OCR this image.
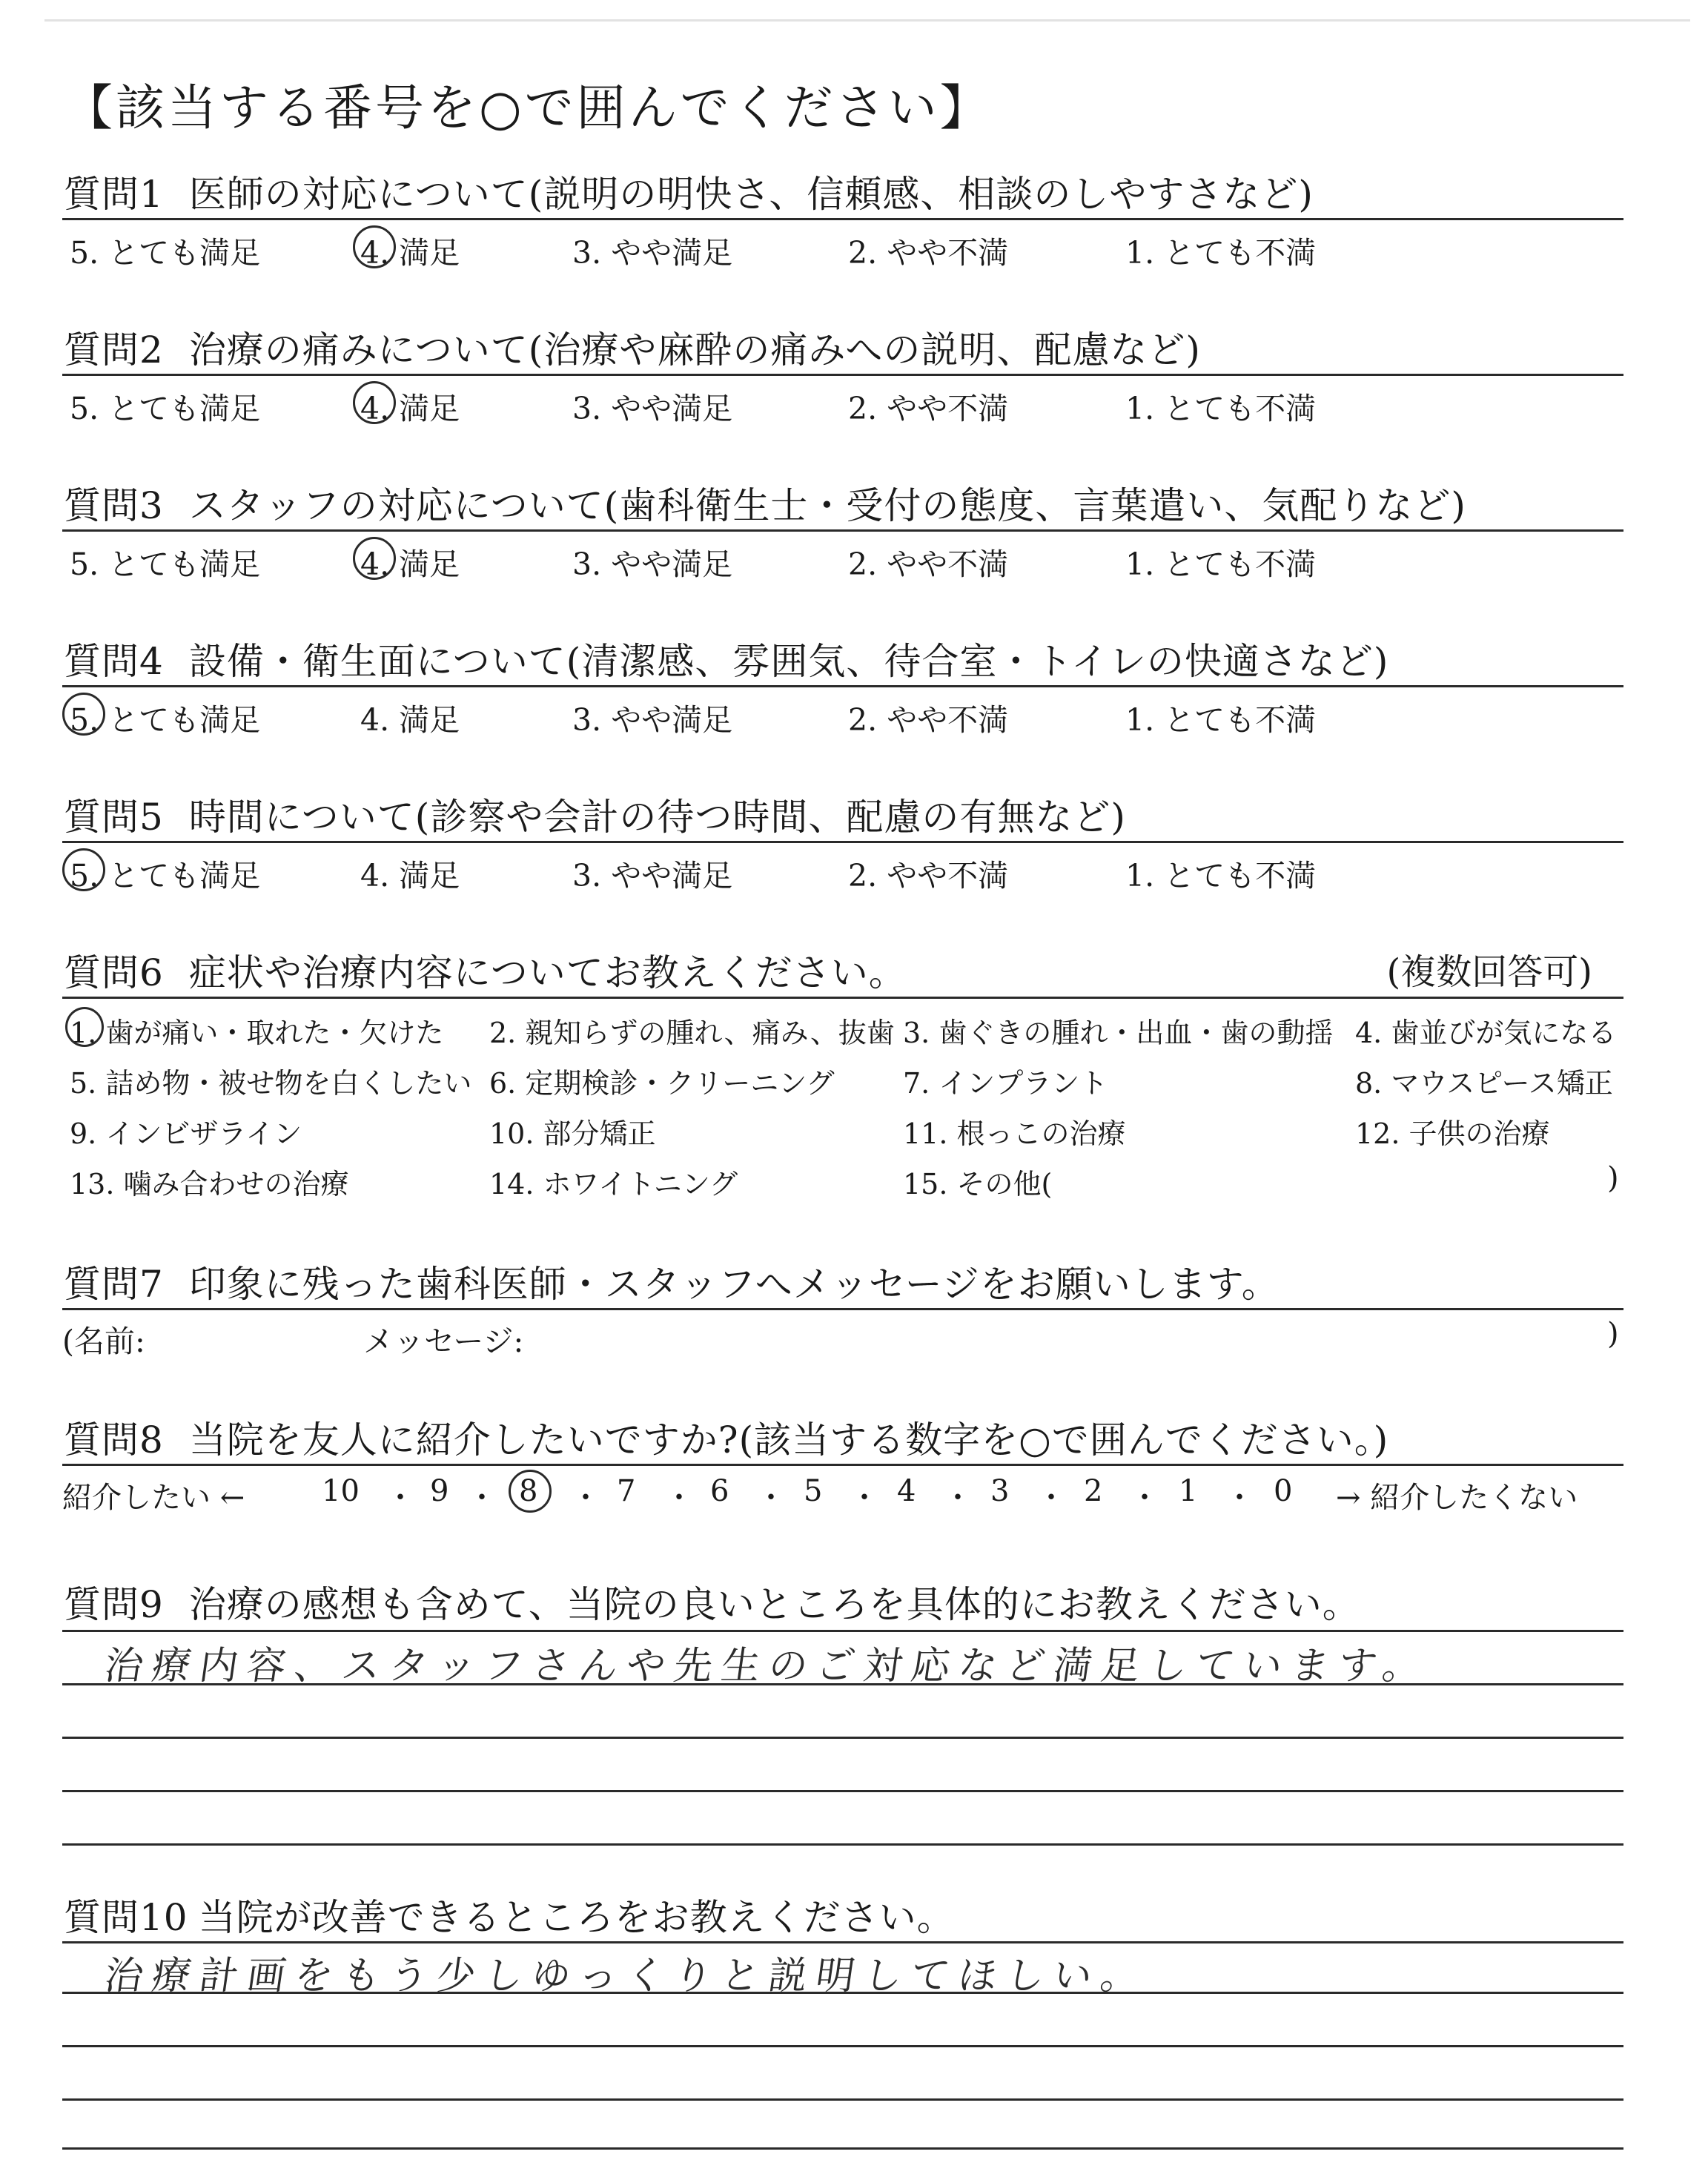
【該当する番号を○で囲んでください】
質問1 医師の対応について(説明の明快さ、信頼感、相談のしやすさなど)
5. とても満足	4. 満足	3. やや満足	2. やや不満	1. とても不満
質問2 治療の痛みについて(治療や麻酔の痛みへの説明、配慮など)
5. とても満足	4. 満足	3. やや満足	2. やや不満	1. とても不満
質問3 スタッフの対応について(歯科衛生士・受付の態度、言葉遣い、気配りなど)
5. とても満足	4. 満足	3. やや満足	2. やや不満	1. とても不満
質問4 設備・衛生面について(清潔感、雰囲気、待合室・トイレの快適さなど)
5. とても満足	4. 満足	3. やや満足	2. やや不満	1. とても不満
質問5 時間について(診察や会計の待つ時間、配慮の有無など)
5. とても満足	4. 満足	3. やや満足	2. やや不満	1. とても不満
質問6 症状や治療内容についてお教えください。	(複数回答可)
1. 歯が痛い・取れた・欠けた 2. 親知らずの腫れ、痛み、抜歯 3. 歯ぐきの腫れ・出血・歯の動揺 4. 歯並びが気になる
5. 詰め物・被せ物を白くしたい 6. 定期検診・クリーニング 7. インプラント	8. マウスピース矯正
9. インビザライン	10. 部分矯正	11. 根っこの治療	12. 子供の治療
13. 噛み合わせの治療	14. ホワイトニング	15. その他(	)
質問7 印象に残った歯科医師・スタッフへメッセージをお願いします。
(名前:	メッセージ:	)
質問8 当院を友人に紹介したいですか?(該当する数字を○で囲んでください。)
紹介したい ←	10 ・ 9 ・ 8 ・ 7 ・ 6 ・ 5 ・ 4 ・ 3 ・ 2 ・ 1 ・ 0 → 紹介したくない
質問9 治療の感想も含めて、当院の良いところを具体的にお教えください。
治療内容、スタッフさんや先生のご対応など満足しています。
質問10 当院が改善できるところをお教えください。
治療計画をもう少しゆっくりと説明してほしい。
